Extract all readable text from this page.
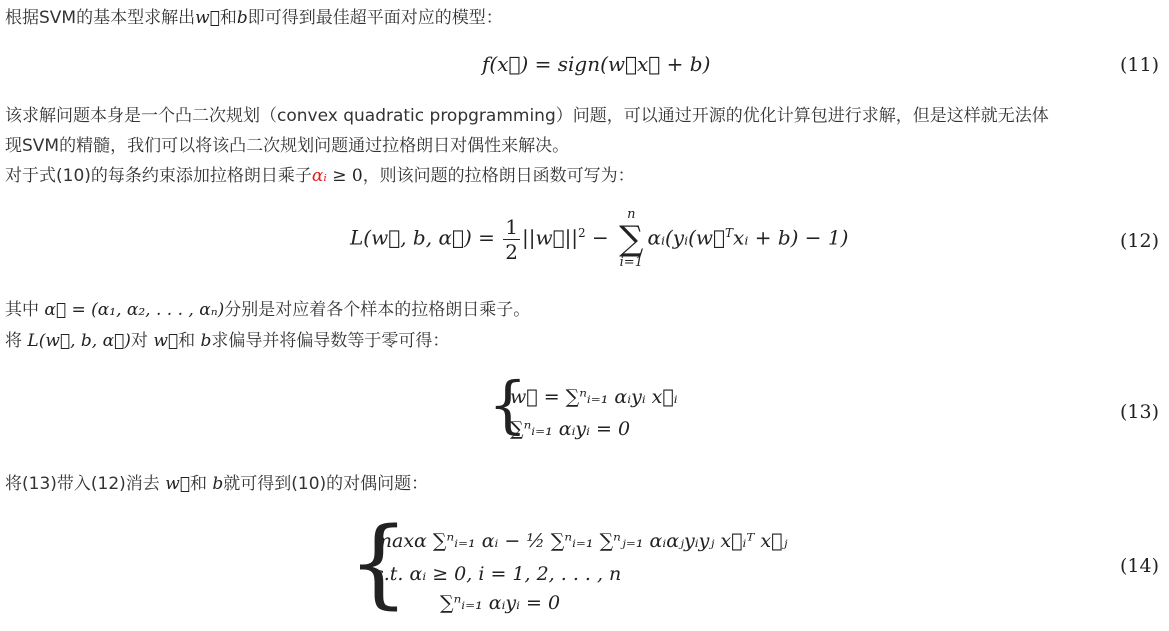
根据SVM的基本型求解出w⃗和b即可得到最佳超平面对应的模型：
f(x⃗) = sign(w⃗x⃗ + b)	(11)
该求解问题本身是一个凸二次规划（convex quadratic propgramming）问题，可以通过开源的优化计算包进行求解，但是这样就无法体
现SVM的精髓，我们可以将该凸二次规划问题通过拉格朗日对偶性来解决。
对于式(10)的每条约束添加拉格朗日乘子αᵢ ≥ 0，则该问题的拉格朗日函数可写为：
L(w⃗, b, α⃗) = $\frac{1}{2}$ $||w⃗||^2$ −
n
∑
i=1
αᵢ(yᵢ(w⃗$^T$xᵢ + b) − 1)	(12)
其中 α⃗ = (α₁, α₂, . . . , αₙ)分别是对应着各个样本的拉格朗日乘子。
将 L(w⃗, b, α⃗)对 w⃗和 b求偏导并将偏导数等于零可得：
{
w⃗ = ∑ⁿᵢ₌₁ αᵢyᵢ x⃗ᵢ
∑ⁿᵢ₌₁ αᵢyᵢ = 0
(13)
将(13)带入(12)消去 w⃗和 b就可得到(10)的对偶问题：
{
maxα ∑ⁿᵢ₌₁ αᵢ − ½ ∑ⁿᵢ₌₁ ∑ⁿⱼ₌₁ αᵢαⱼyᵢyⱼ x⃗ᵢᵀ x⃗ⱼ
s.t. αᵢ ≥ 0, i = 1, 2, . . . , n
∑ⁿᵢ₌₁ αᵢyᵢ = 0
(14)
